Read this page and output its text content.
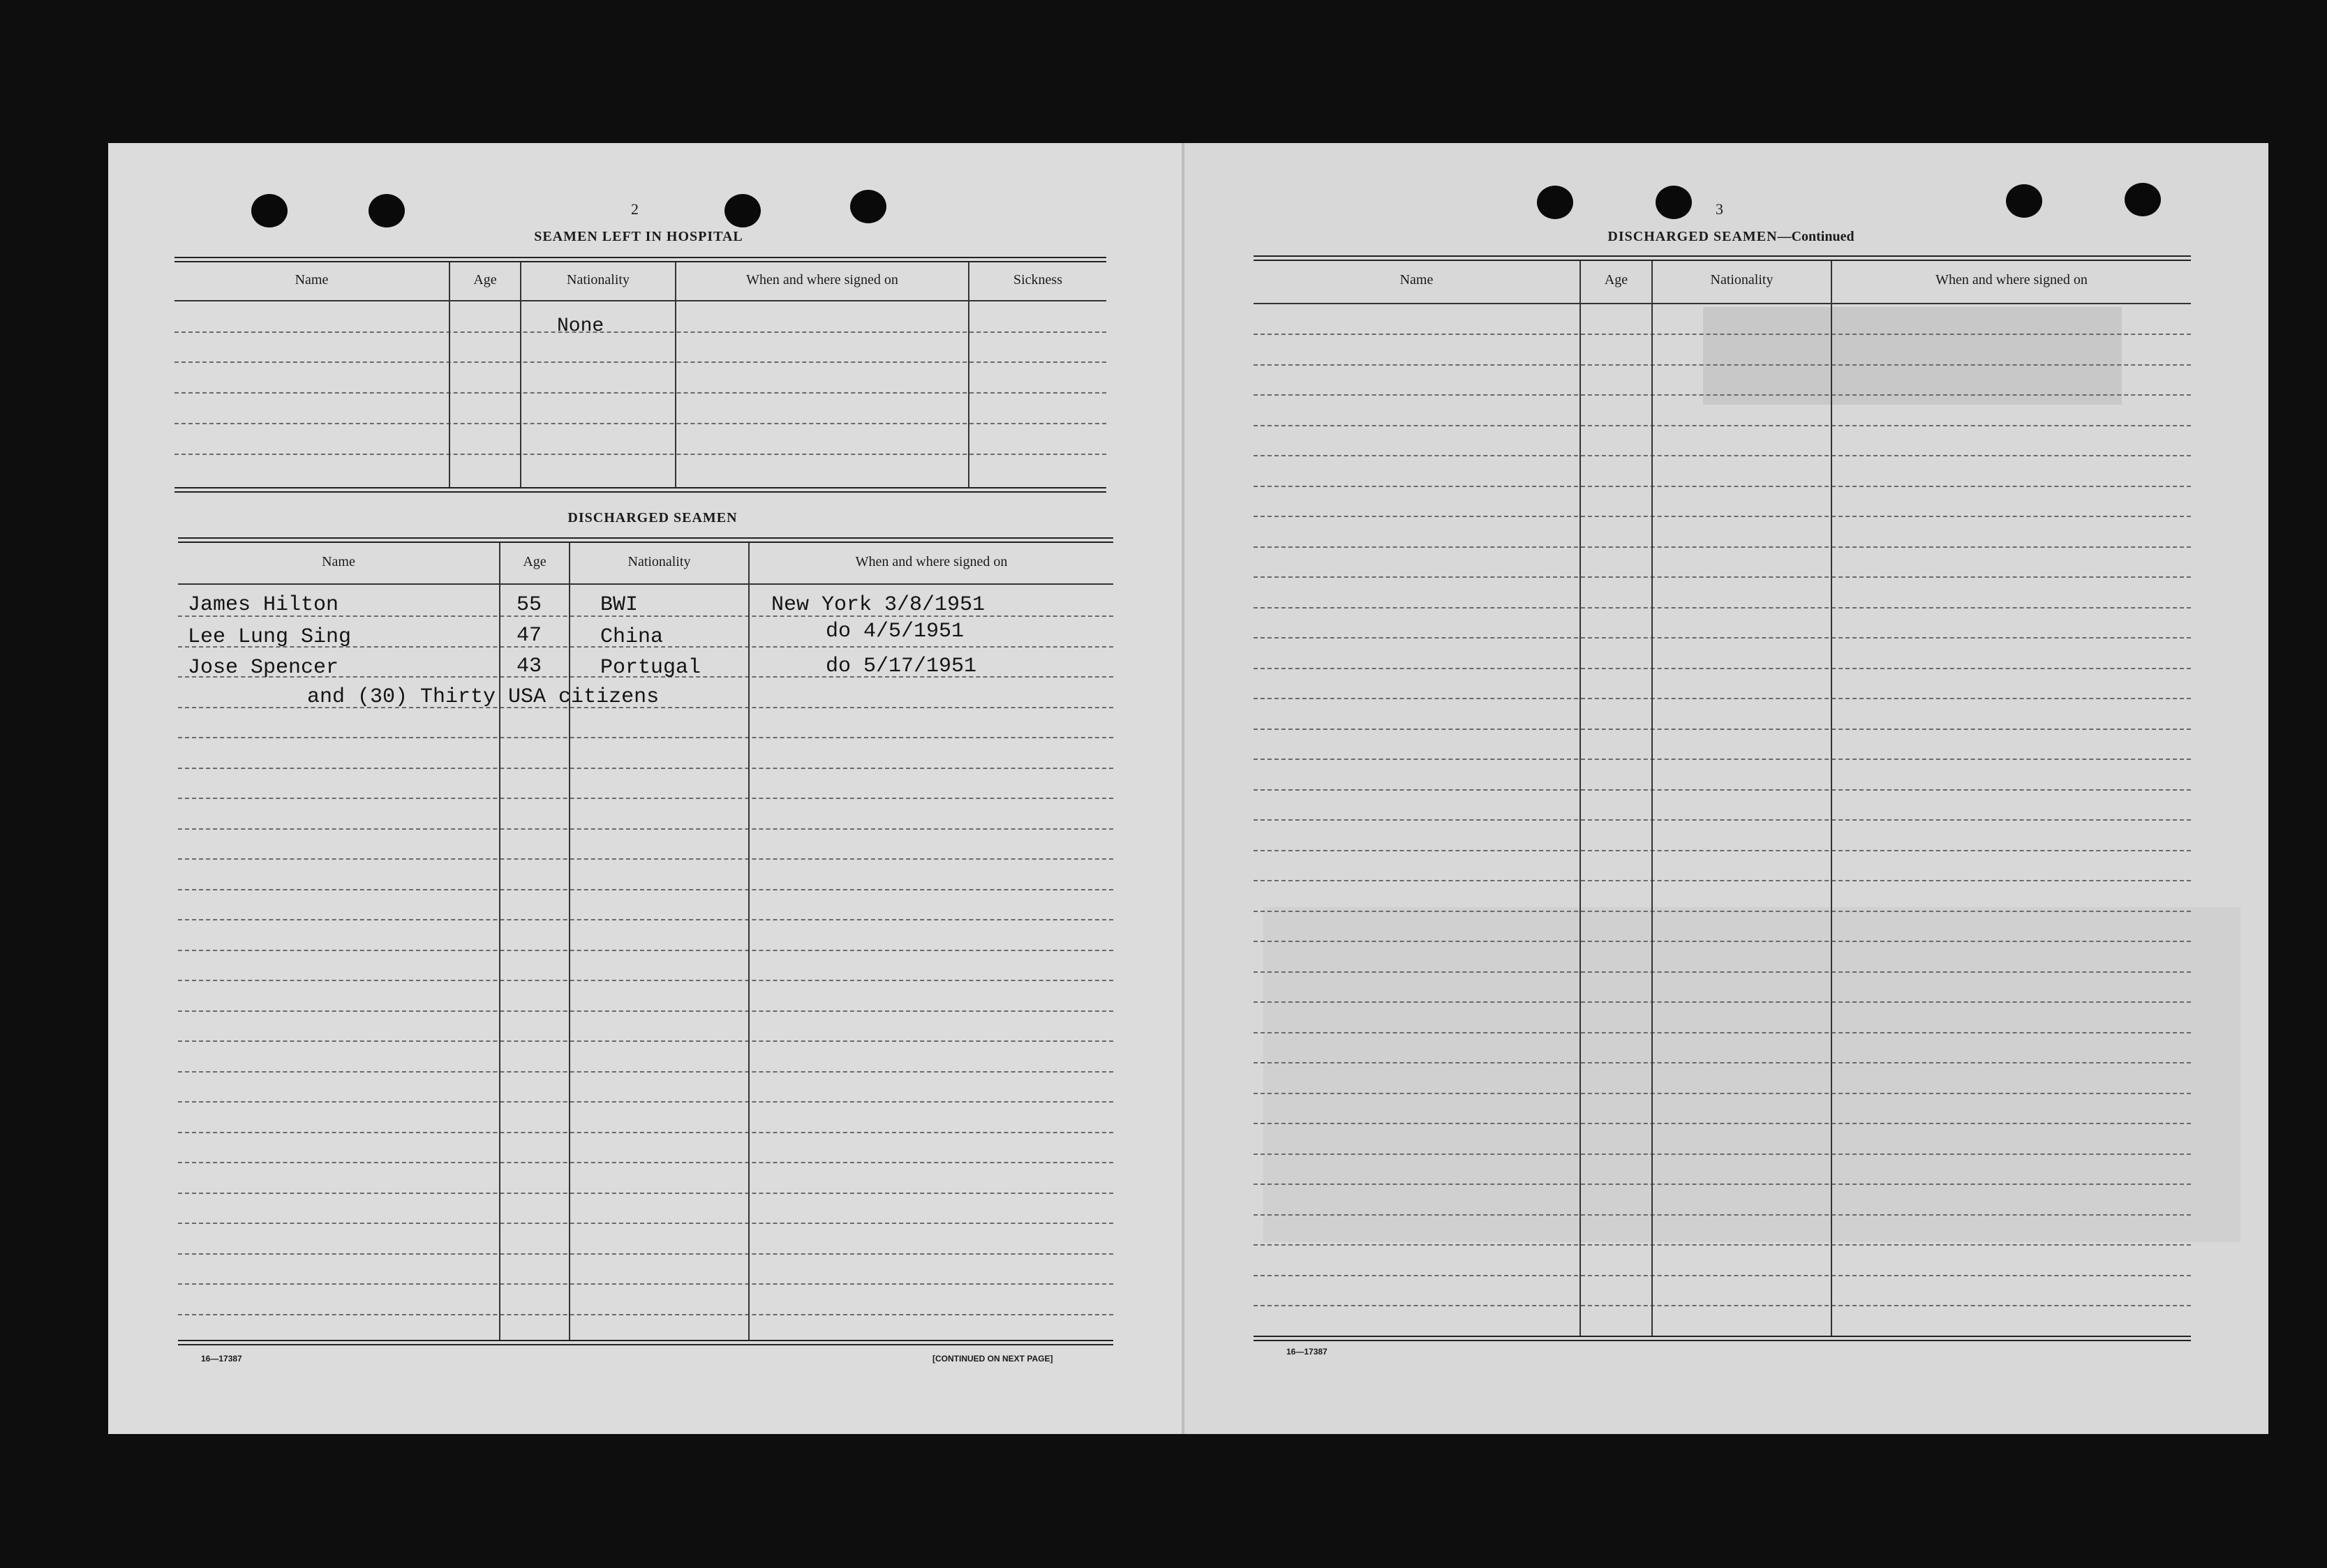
2
SEAMEN LEFT IN HOSPITAL
Name	Age	Nationality	When and where signed on	Sickness
None
DISCHARGED SEAMEN
Name	Age	Nationality	When and where signed on
James Hilton	55	BWI	New York 3/8/1951
Lee Lung Sing	47	China	do 4/5/1951
Jose Spencer	43	Portugal	do 5/17/1951
and (30) Thirty USA citizens
16—17387	[CONTINUED ON NEXT PAGE]
3
DISCHARGED SEAMEN—Continued
Name	Age	Nationality	When and where signed on
16—17387
